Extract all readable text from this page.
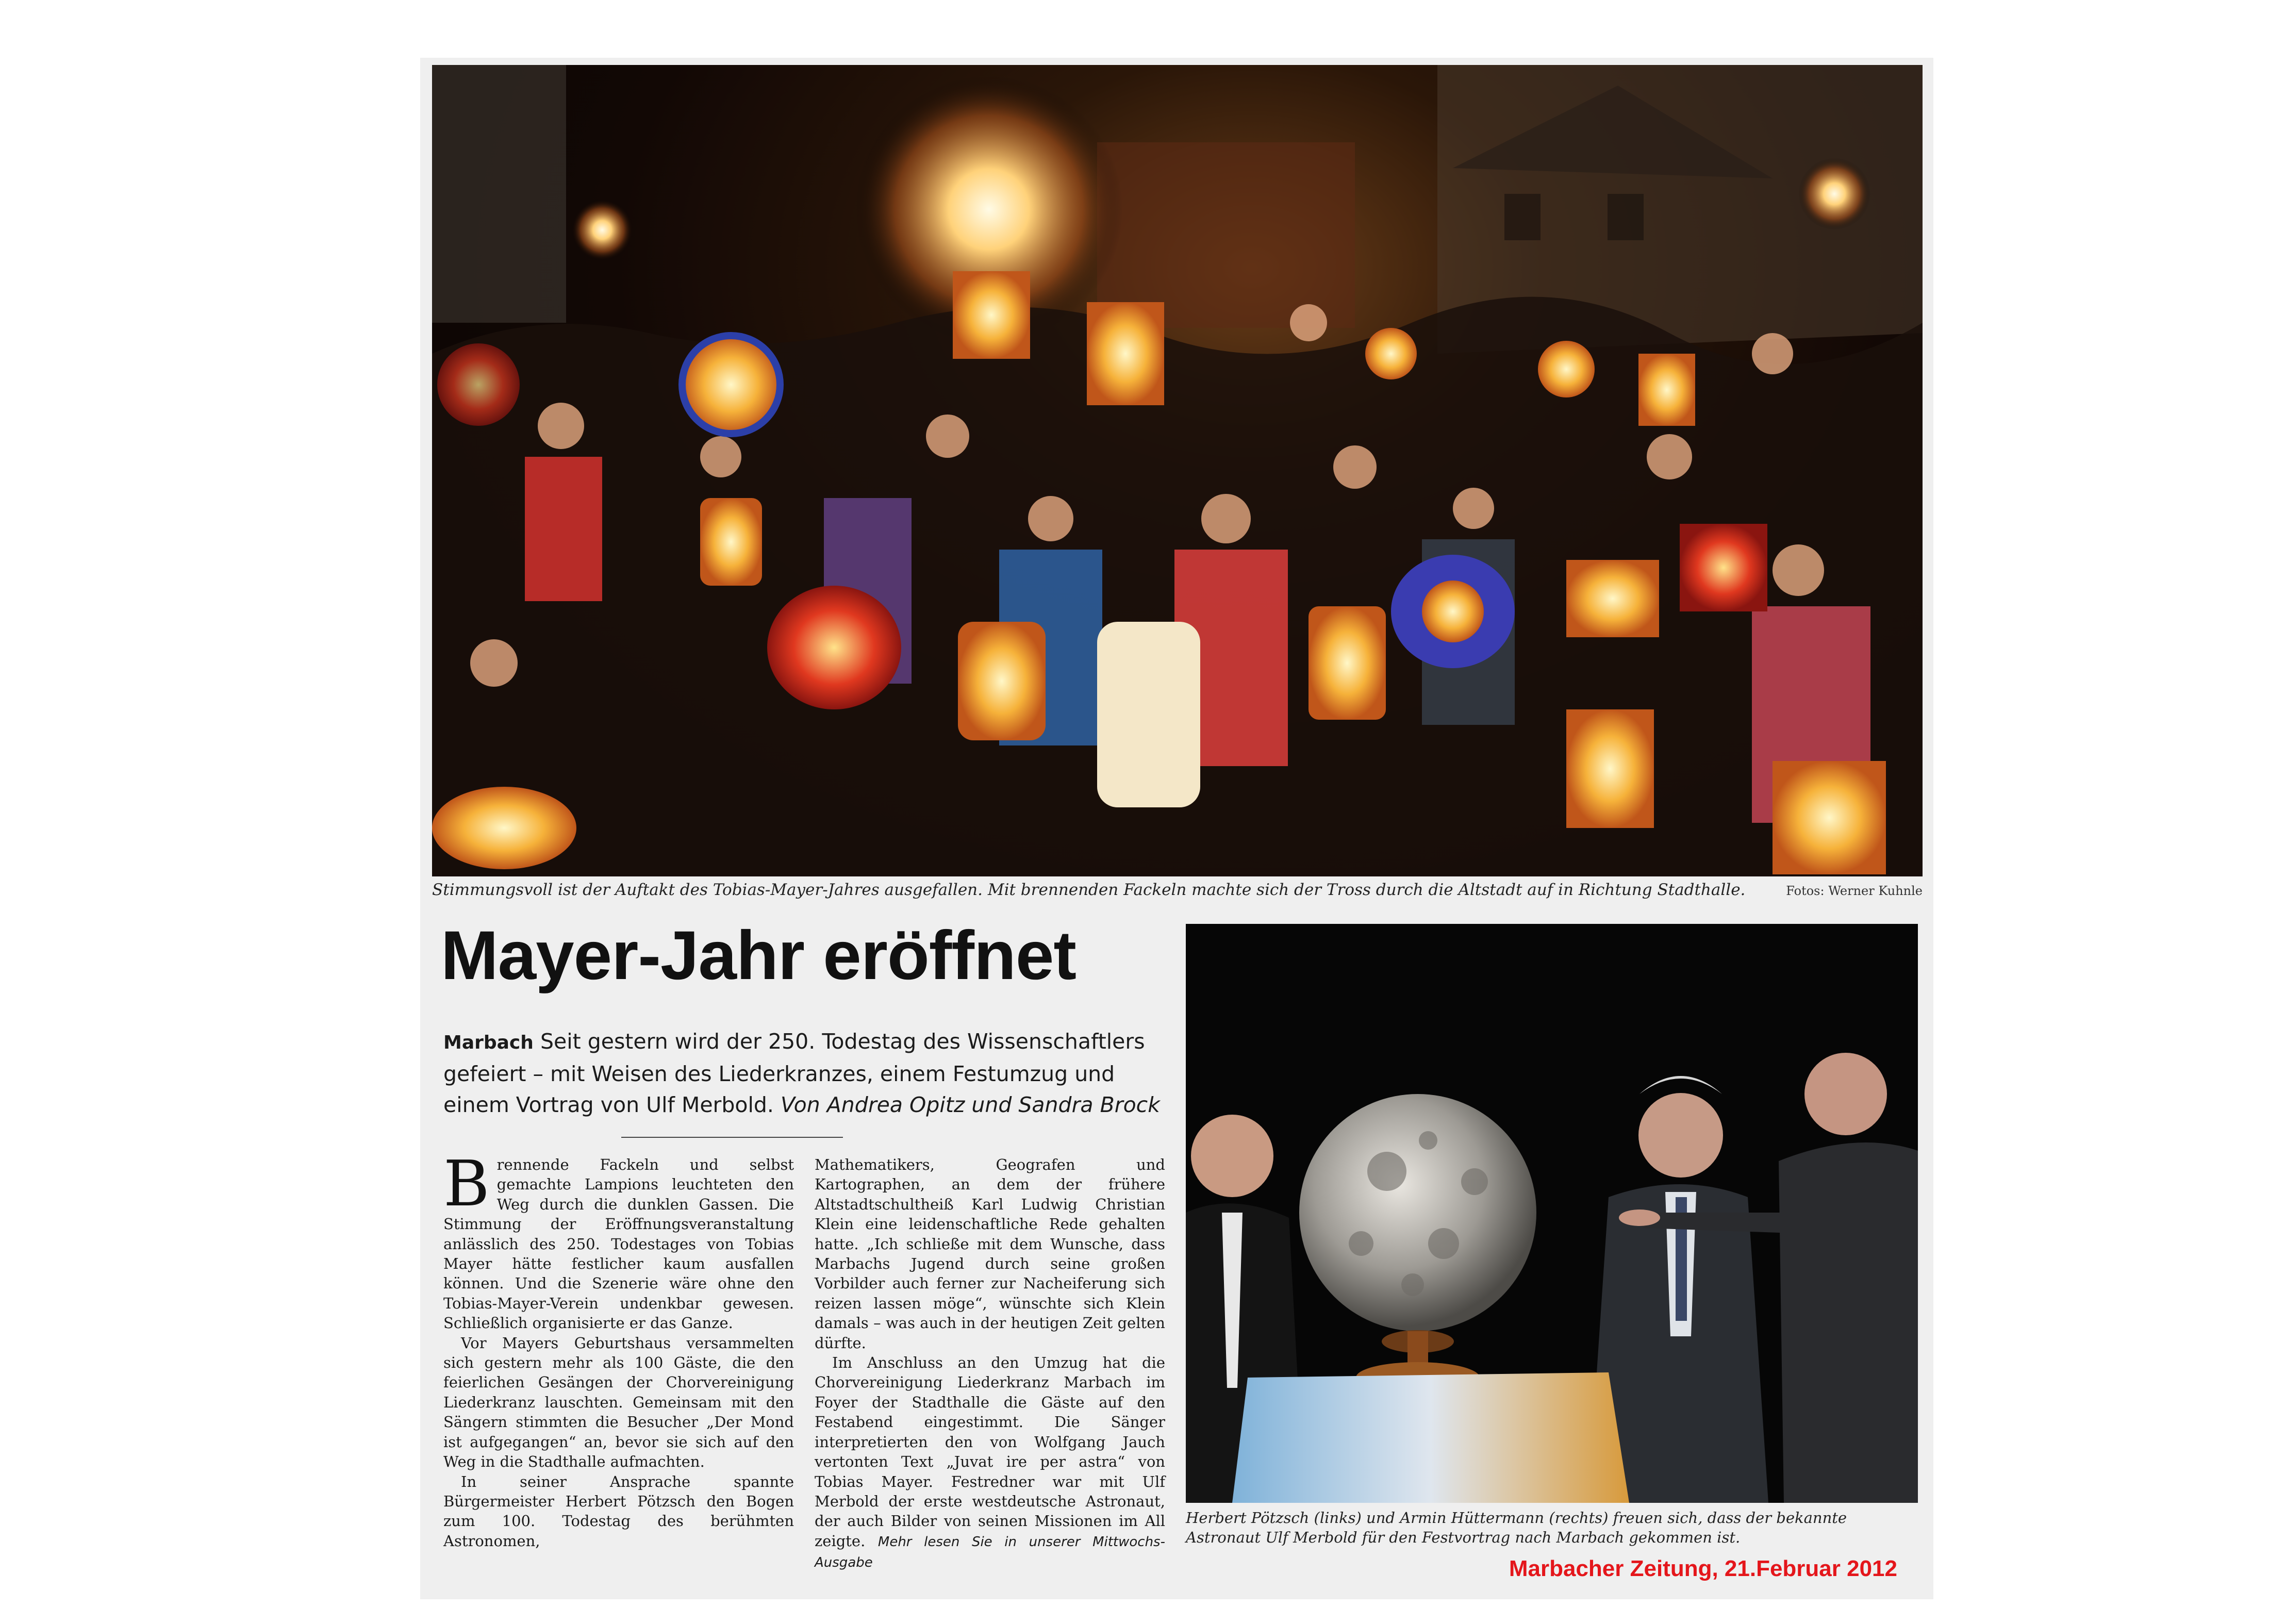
Stimmungsvoll ist der Auftakt des Tobias-Mayer-Jahres ausgefallen. Mit brennenden Fackeln machte sich der Tross durch die Altstadt auf in Richtung Stadthalle.	Fotos: Werner Kuhnle
Mayer-Jahr eröffnet
Marbach Seit gestern wird der 250. Todestag des Wissenschaftlers gefeiert – mit Weisen des Liederkranzes, einem Festumzug und einem Vortrag von Ulf Merbold. Von Andrea Opitz und Sandra Brock

Brennende Fackeln und selbst gemachte Lampions leuchteten den Weg durch die dunklen Gassen. Die Stimmung der Eröffnungsveranstaltung anlässlich des 250. Todestages von Tobias Mayer hätte festlicher kaum ausfallen können. Und die Szenerie wäre ohne den Tobias-Mayer-Verein undenkbar gewesen. Schließlich organisierte er das Ganze.

Vor Mayers Geburtshaus versammelten sich gestern mehr als 100 Gäste, die den feierlichen Gesängen der Chorvereinigung Liederkranz lauschten. Gemeinsam mit den Sängern stimmten die Besucher „Der Mond ist aufgegangen“ an, bevor sie sich auf den Weg in die Stadthalle aufmachten.

In seiner Ansprache spannte Bürgermeister Herbert Pötzsch den Bogen zum 100. Todestag des berühmten Astronomen,

Mathematikers, Geografen und Kartographen, an dem der frühere Altstadtschultheiß Karl Ludwig Christian Klein eine leidenschaftliche Rede gehalten hatte. „Ich schließe mit dem Wunsche, dass Marbachs Jugend durch seine großen Vorbilder auch ferner zur Nacheiferung sich reizen lassen möge“, wünschte sich Klein damals – was auch in der heutigen Zeit gelten dürfte.

Im Anschluss an den Umzug hat die Chorvereinigung Liederkranz Marbach im Foyer der Stadthalle die Gäste auf den Festabend eingestimmt. Die Sänger interpretierten den von Wolfgang Jauch vertonten Text „Juvat ire per astra“ von Tobias Mayer. Festredner war mit Ulf Merbold der erste westdeutsche Astronaut, der auch Bilder von seinen Missionen im All zeigte. Mehr lesen Sie in unserer Mittwochs-Ausgabe

Herbert Pötzsch (links) und Armin Hüttermann (rechts) freuen sich, dass der bekannte Astronaut Ulf Merbold für den Festvortrag nach Marbach gekommen ist.
Marbacher Zeitung, 21.Februar 2012
